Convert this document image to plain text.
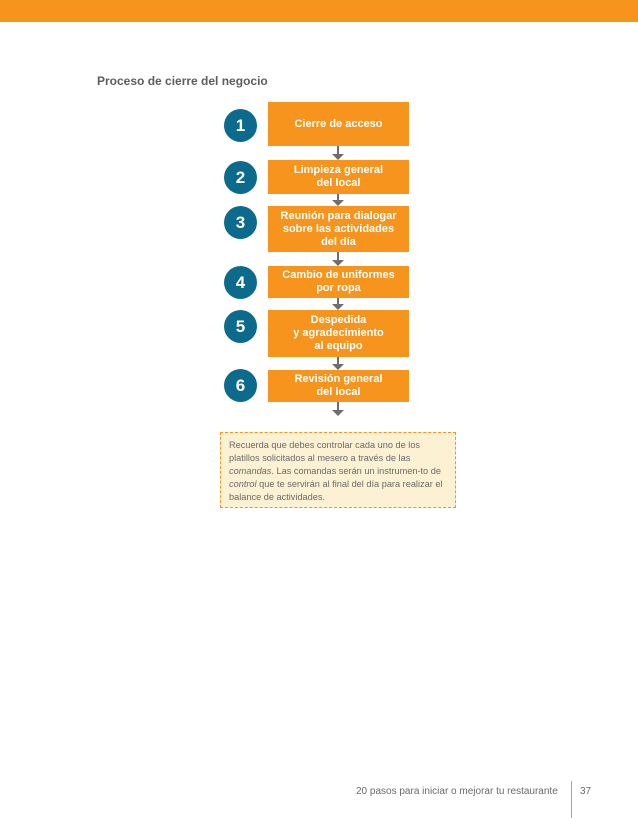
Proceso de cierre del negocio
1
2
3
4
5
6
Cierre de acceso
Limpieza general
del local
Reunión para dialogar
sobre las actividades
del día
Cambio de uniformes
por ropa
Despedida
y agradecimiento
al equipo
Revisión general
del local
Recuerda que debes controlar cada uno de los platillos solicitados al mesero a través de las comandas. Las comandas serán un instrumen-to de control que te servirán al final del día para realizar el balance de actividades.
20 pasos para iniciar o mejorar tu restaurante 37
